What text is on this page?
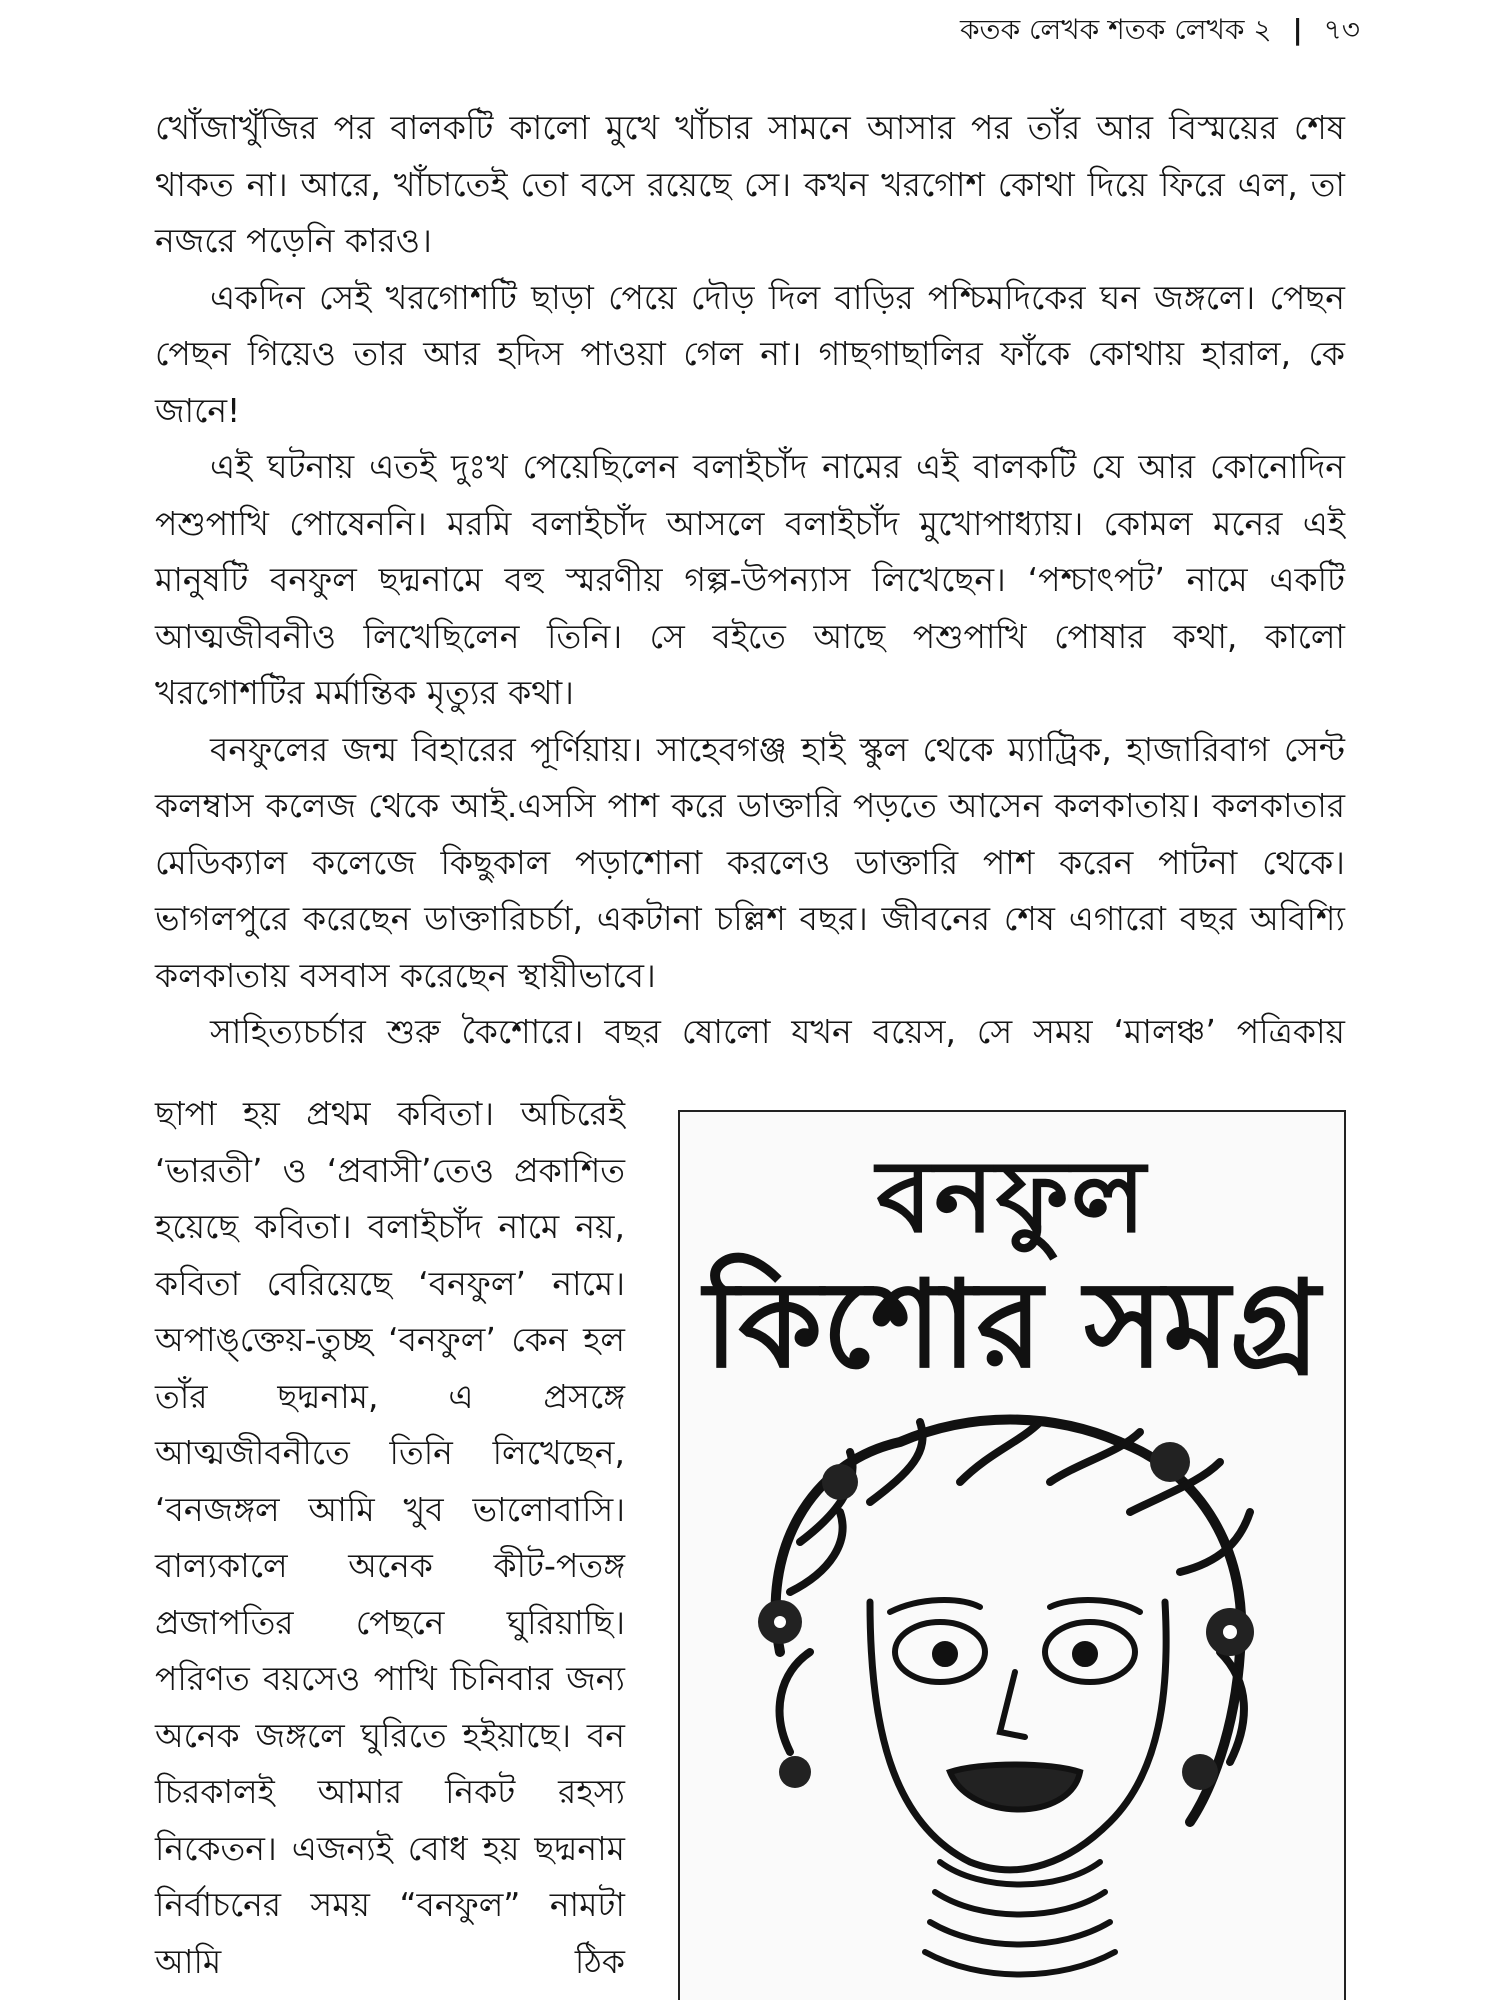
কতক লেখক শতক লেখক ২ | ৭৩

খোঁজাখুঁজির পর বালকটি কালো মুখে খাঁচার সামনে আসার পর তাঁর আর বিস্ময়ের শেষ থাকত না। আরে, খাঁচাতেই তো বসে রয়েছে সে। কখন খরগোশ কোথা দিয়ে ফিরে এল, তা নজরে পড়েনি কারও।

একদিন সেই খরগোশটি ছাড়া পেয়ে দৌড় দিল বাড়ির পশ্চিমদিকের ঘন জঙ্গলে। পেছন পেছন গিয়েও তার আর হদিস পাওয়া গেল না। গাছগাছালির ফাঁকে কোথায় হারাল, কে জানে!

এই ঘটনায় এতই দুঃখ পেয়েছিলেন বলাইচাঁদ নামের এই বালকটি যে আর কোনোদিন পশুপাখি পোষেননি। মরমি বলাইচাঁদ আসলে বলাইচাঁদ মুখোপাধ্যায়। কোমল মনের এই মানুষটি বনফুল ছদ্মনামে বহু স্মরণীয় গল্প-উপন্যাস লিখেছেন। ‘পশ্চাৎপট’ নামে একটি আত্মজীবনীও লিখেছিলেন তিনি। সে বইতে আছে পশুপাখি পোষার কথা, কালো খরগোশটির মর্মান্তিক মৃত্যুর কথা।

বনফুলের জন্ম বিহারের পূর্ণিয়ায়। সাহেবগঞ্জ হাই স্কুল থেকে ম্যাট্রিক, হাজারিবাগ সেন্ট কলম্বাস কলেজ থেকে আই.এসসি পাশ করে ডাক্তারি পড়তে আসেন কলকাতায়। কলকাতার মেডিক্যাল কলেজে কিছুকাল পড়াশোনা করলেও ডাক্তারি পাশ করেন পাটনা থেকে। ভাগলপুরে করেছেন ডাক্তারিচর্চা, একটানা চল্লিশ বছর। জীবনের শেষ এগারো বছর অবিশ্যি কলকাতায় বসবাস করেছেন স্থায়ীভাবে।

সাহিত্যচর্চার শুরু কৈশোরে। বছর ষোলো যখন বয়েস, সে সময় ‘মালঞ্চ’ পত্রিকায়

ছাপা হয় প্রথম কবিতা। অচিরেই ‘ভারতী’ ও ‘প্রবাসী’তেও প্রকাশিত হয়েছে কবিতা। বলাইচাঁদ নামে নয়, কবিতা বেরিয়েছে ‘বনফুল’ নামে। অপাঙ্‌ক্তেয়-তুচ্ছ ‘বনফুল’ কেন হল তাঁর ছদ্মনাম, এ প্রসঙ্গে আত্মজীবনীতে তিনি লিখেছেন, ‘বনজঙ্গল আমি খুব ভালোবাসি। বাল্যকালে অনেক কীট-পতঙ্গ প্রজাপতির পেছনে ঘুরিয়াছি। পরিণত বয়সেও পাখি চিনিবার জন্য অনেক জঙ্গলে ঘুরিতে হইয়াছে। বন চিরকালই আমার নিকট রহস্য নিকেতন। এজন্যই বোধ হয় ছদ্মনাম নির্বাচনের সময় “বনফুল” নামটা আমি ঠিক

বনফুল
কিশোর সমগ্র
